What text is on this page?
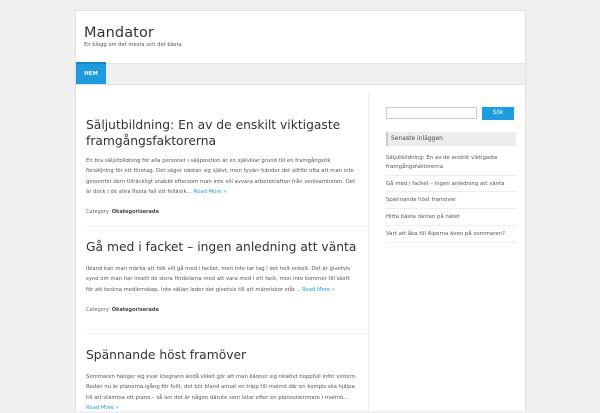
Mandator
En blogg om det mesta och det bästa
HEM
Säljutbildning: En av de enskilt viktigaste framgångsfaktorerna
En bra säljutbildning för alla personer i säljposition är en självklar grund till en framgångsrik försäljning för ett företag. Det säger nästan sig självt, men tyvärr händer det alltför ofta att man inte genomför dem tillräckligt snabbt eftersom man inte vill avvara arbetskraften från verksamheten. Det är dock i de allra flesta fall ett felläník… Read More »
Category: Okategoriserade
Gå med i facket – ingen anledning att vänta
Ibland kan man märka att folk vill gå med i facket, men inte tar tag i det helt enkelt. Det är givetvis synd om man har insett de stora fördelarna med att vara med i ett fack, men inte kommer till skott för att teckna medlemskap. Inte sällan leder det givetvis till att människor står… Read More »
Category: Okategoriserade
Spännande höst framöver
Sommaren hänger sig kvar i(tegrann ändå vilket gör att man känner sig relativt hoppfull inför vintern. Redan nu är planerna igång för fullt, det blir bland annat en tripp till malmö där en kompis ska hjälpa till att stämma ett piano – så om det är någon däruté som letar efter en pianostämmare i malmö… Read More »
Sök
Senaste inläggen
Säljutbildning: En av de enskilt viktigaste framgångsfaktorerna
Gå med i facket – ingen anledning att vänta
Spännande höst framöver
Hitta bästa räntan på nätet
Vart att åka till Alperna även på sommaren?
